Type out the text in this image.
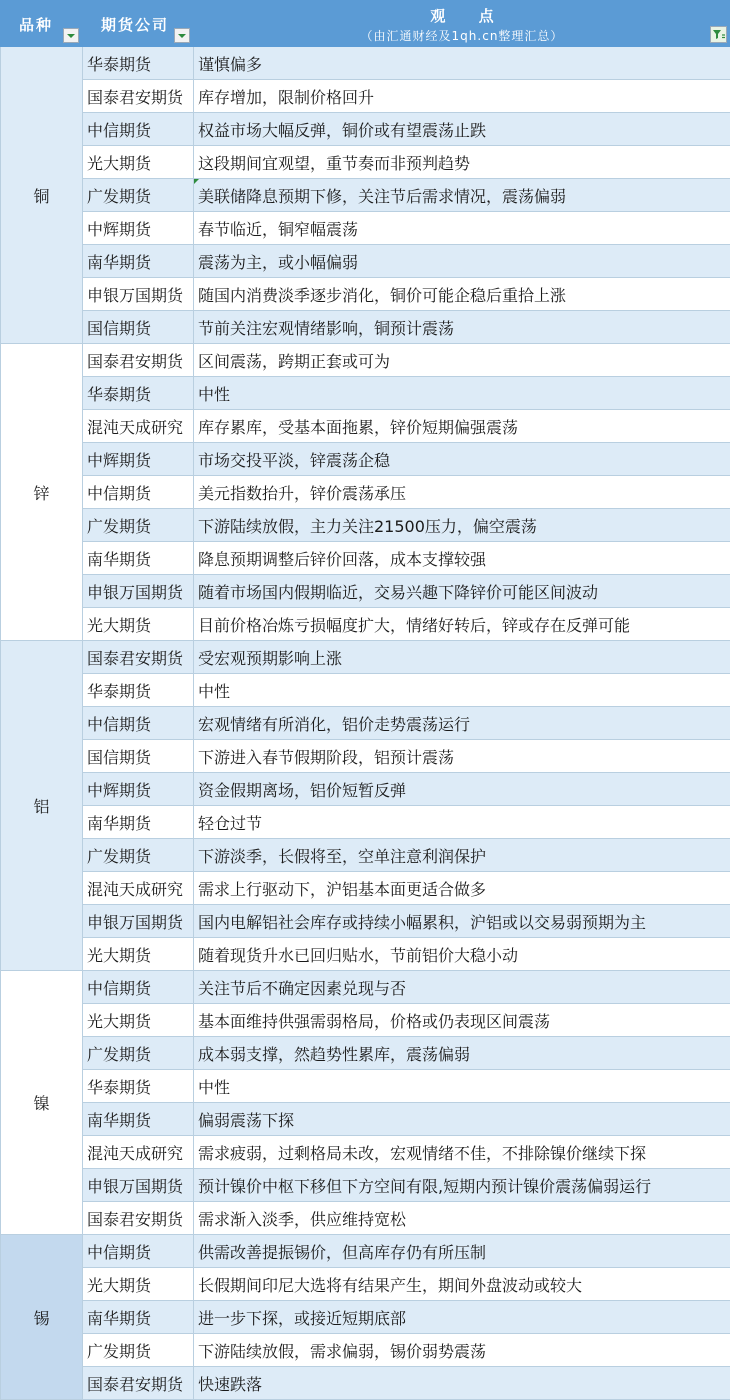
品种	期货公司	观 点
（由汇通财经及1qh.cn整理汇总）

铜	华泰期货	谨慎偏多
	国泰君安期货	库存增加，限制价格回升
	中信期货	权益市场大幅反弹，铜价或有望震荡止跌
	光大期货	这段期间宜观望，重节奏而非预判趋势
	广发期货	美联储降息预期下修，关注节后需求情况，震荡偏弱

	中辉期货	春节临近，铜窄幅震荡
	南华期货	震荡为主，或小幅偏弱
	申银万国期货	随国内消费淡季逐步消化，铜价可能企稳后重拾上涨
	国信期货	节前关注宏观情绪影响，铜预计震荡
锌	国泰君安期货	区间震荡，跨期正套或可为
	华泰期货	中性
	混沌天成研究	库存累库，受基本面拖累，锌价短期偏强震荡
	中辉期货	市场交投平淡，锌震荡企稳
	中信期货	美元指数抬升，锌价震荡承压
	广发期货	下游陆续放假，主力关注21500压力，偏空震荡
	南华期货	降息预期调整后锌价回落，成本支撑较强
	申银万国期货	随着市场国内假期临近，交易兴趣下降锌价可能区间波动
	光大期货	目前价格冶炼亏损幅度扩大，情绪好转后，锌或存在反弹可能
铝	国泰君安期货	受宏观预期影响上涨
	华泰期货	中性
	中信期货	宏观情绪有所消化，铝价走势震荡运行
	国信期货	下游进入春节假期阶段，铝预计震荡
	中辉期货	资金假期离场，铝价短暂反弹
	南华期货	轻仓过节
	广发期货	下游淡季，长假将至，空单注意利润保护
	混沌天成研究	需求上行驱动下，沪铝基本面更适合做多
	申银万国期货	国内电解铝社会库存或持续小幅累积，沪铝或以交易弱预期为主
	光大期货	随着现货升水已回归贴水，节前铝价大稳小动
镍	中信期货	关注节后不确定因素兑现与否
	光大期货	基本面维持供强需弱格局，价格或仍表现区间震荡
	广发期货	成本弱支撑，然趋势性累库，震荡偏弱
	华泰期货	中性
	南华期货	偏弱震荡下探
	混沌天成研究	需求疲弱，过剩格局未改，宏观情绪不佳，不排除镍价继续下探
	申银万国期货	预计镍价中枢下移但下方空间有限,短期内预计镍价震荡偏弱运行
	国泰君安期货	需求渐入淡季，供应维持宽松
锡	中信期货	供需改善提振锡价，但高库存仍有所压制
	光大期货	长假期间印尼大选将有结果产生，期间外盘波动或较大
	南华期货	进一步下探，或接近短期底部
	广发期货	下游陆续放假，需求偏弱，锡价弱势震荡
	国泰君安期货	快速跌落
